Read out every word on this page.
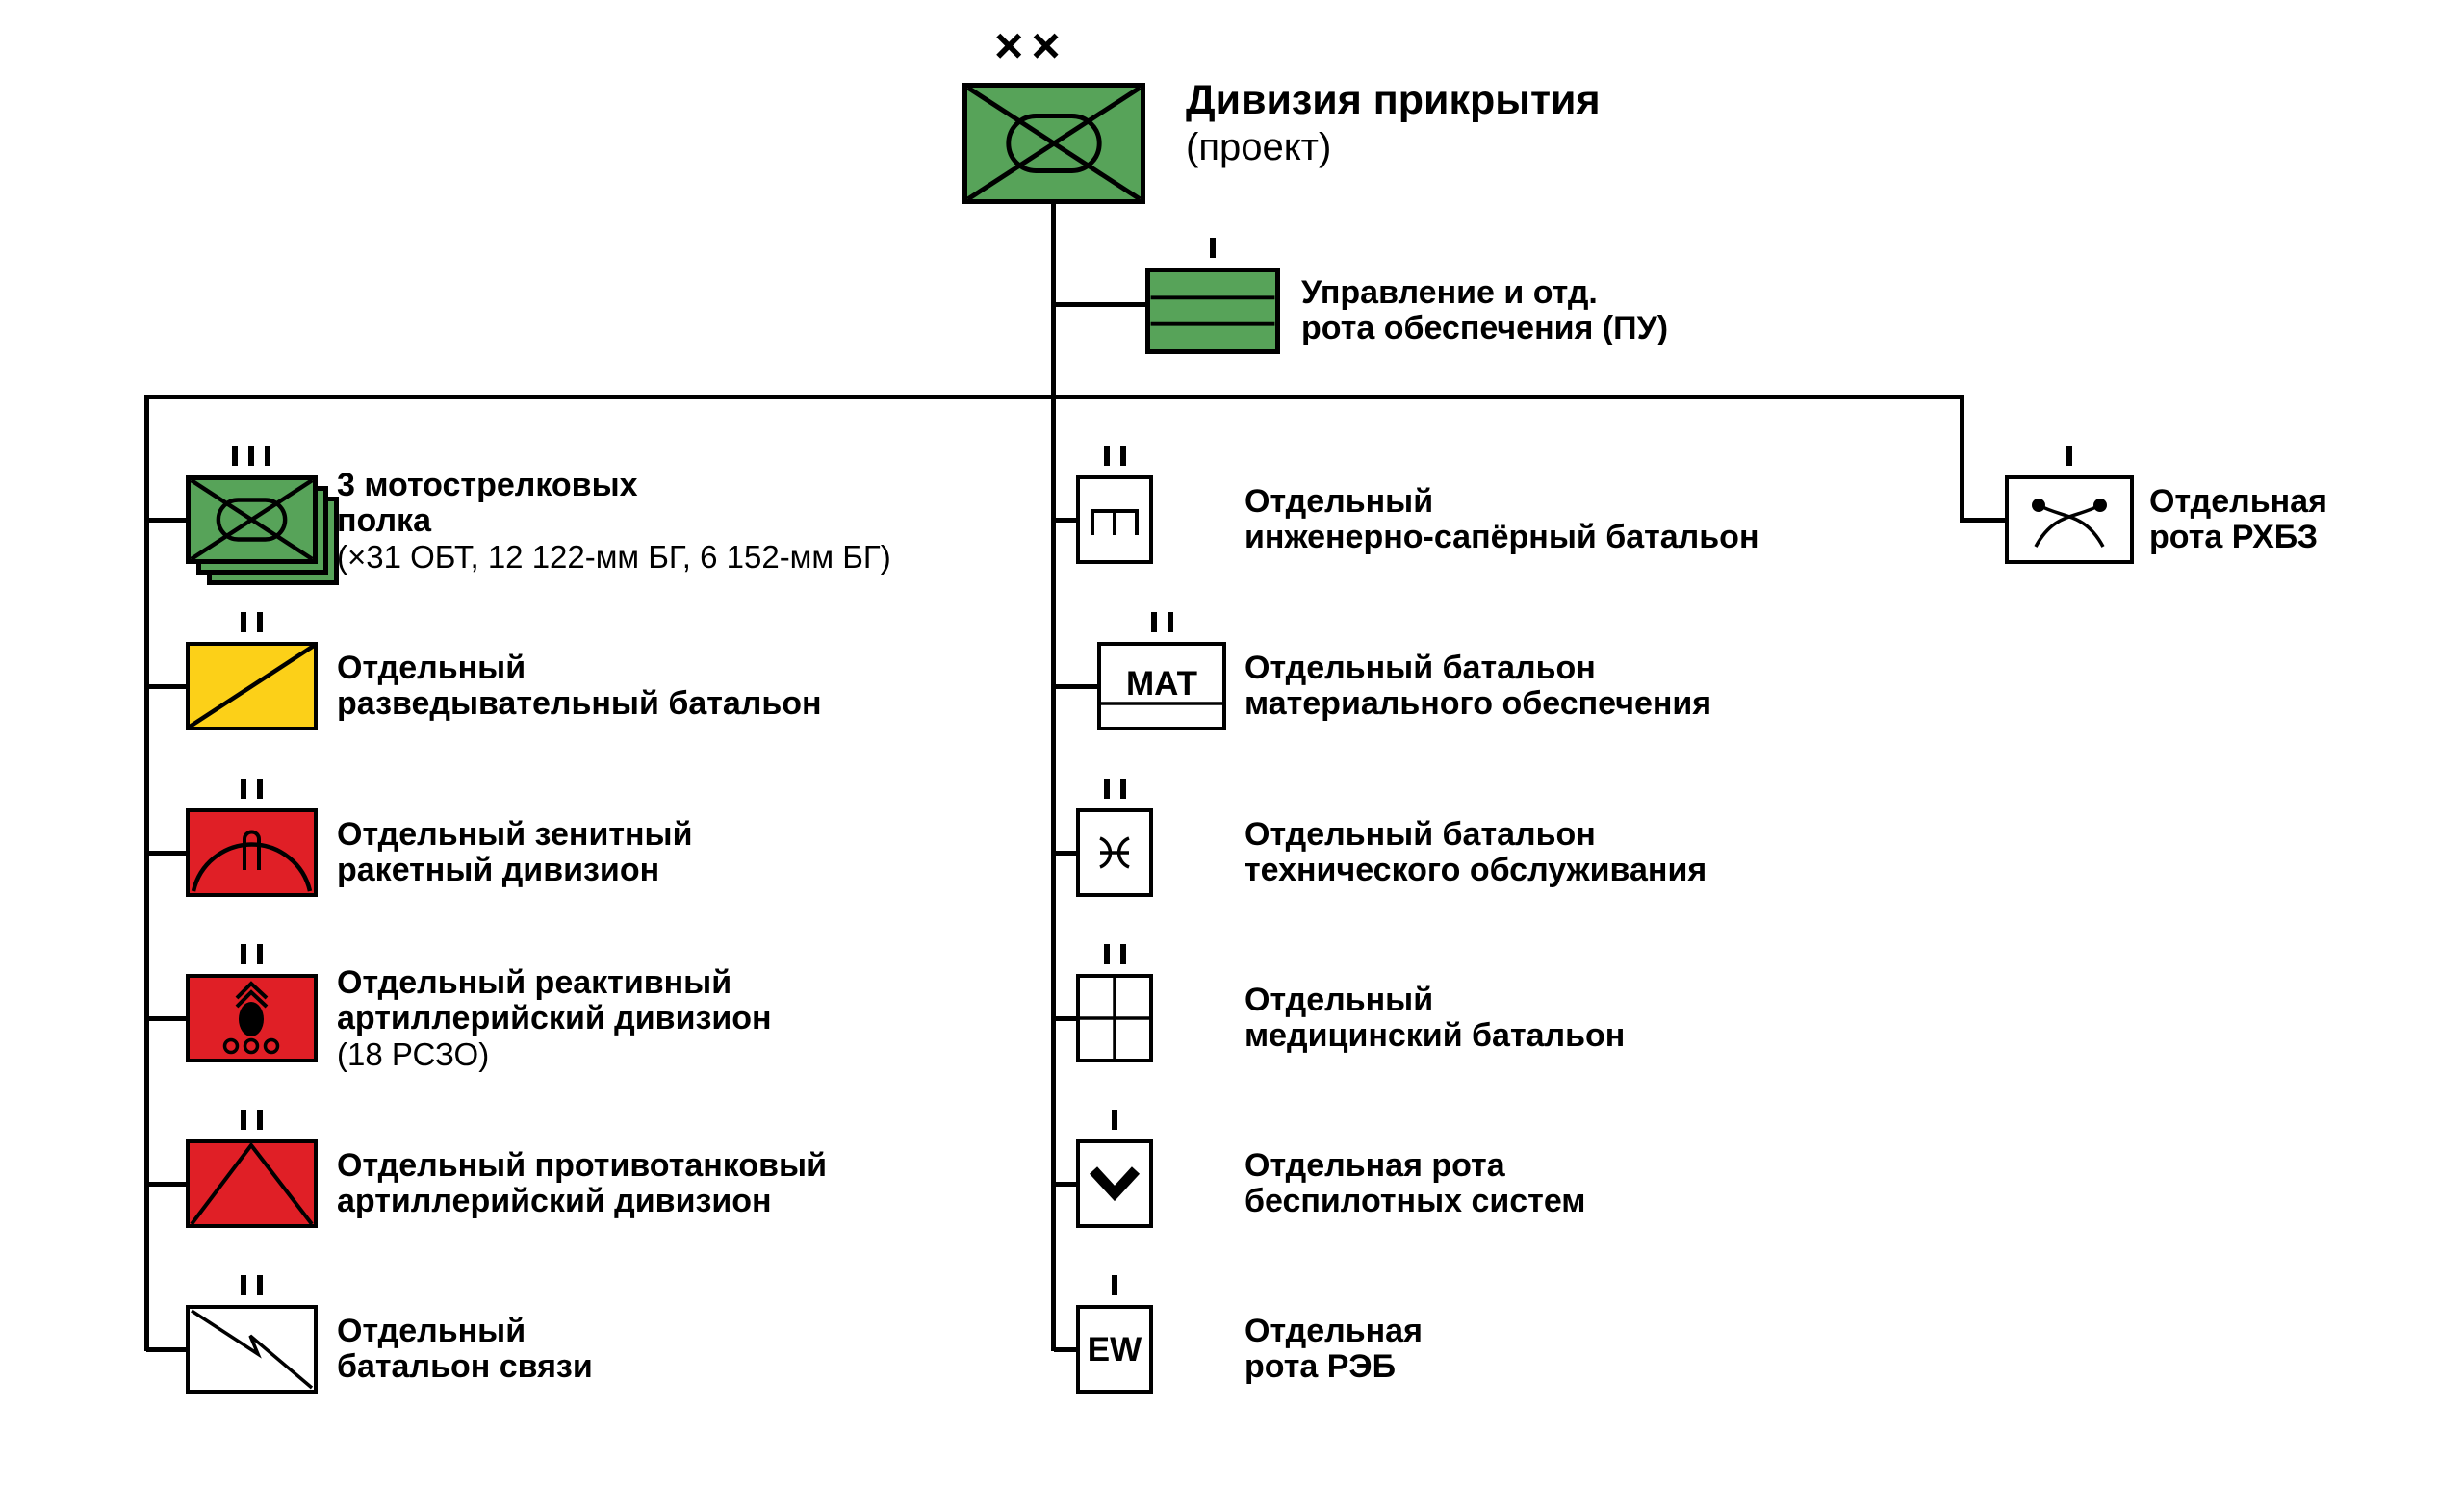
××
Дивизия прикрытия
(проект)
Управление и отд.
рота обеспечения (ПУ)
3 мотострелковых
полка
(×31 ОБТ, 12 122-мм БГ, 6 152-мм БГ)
Отдельный
разведывательный батальон
Отдельный зенитный
ракетный дивизион
Отдельный реактивный
артиллерийский дивизион
(18 РСЗО)
Отдельный противотанковый
артиллерийский дивизион
Отдельный
батальон связи
Отдельный
инженерно-сапёрный батальон
МАТ	Отдельный батальон
материального обеспечения
Отдельный батальон
технического обслуживания
Отдельный
медицинский батальон
Отдельная рота
беспилотных систем
EW	Отдельная
рота РЭБ
Отдельная
рота РХБЗ
